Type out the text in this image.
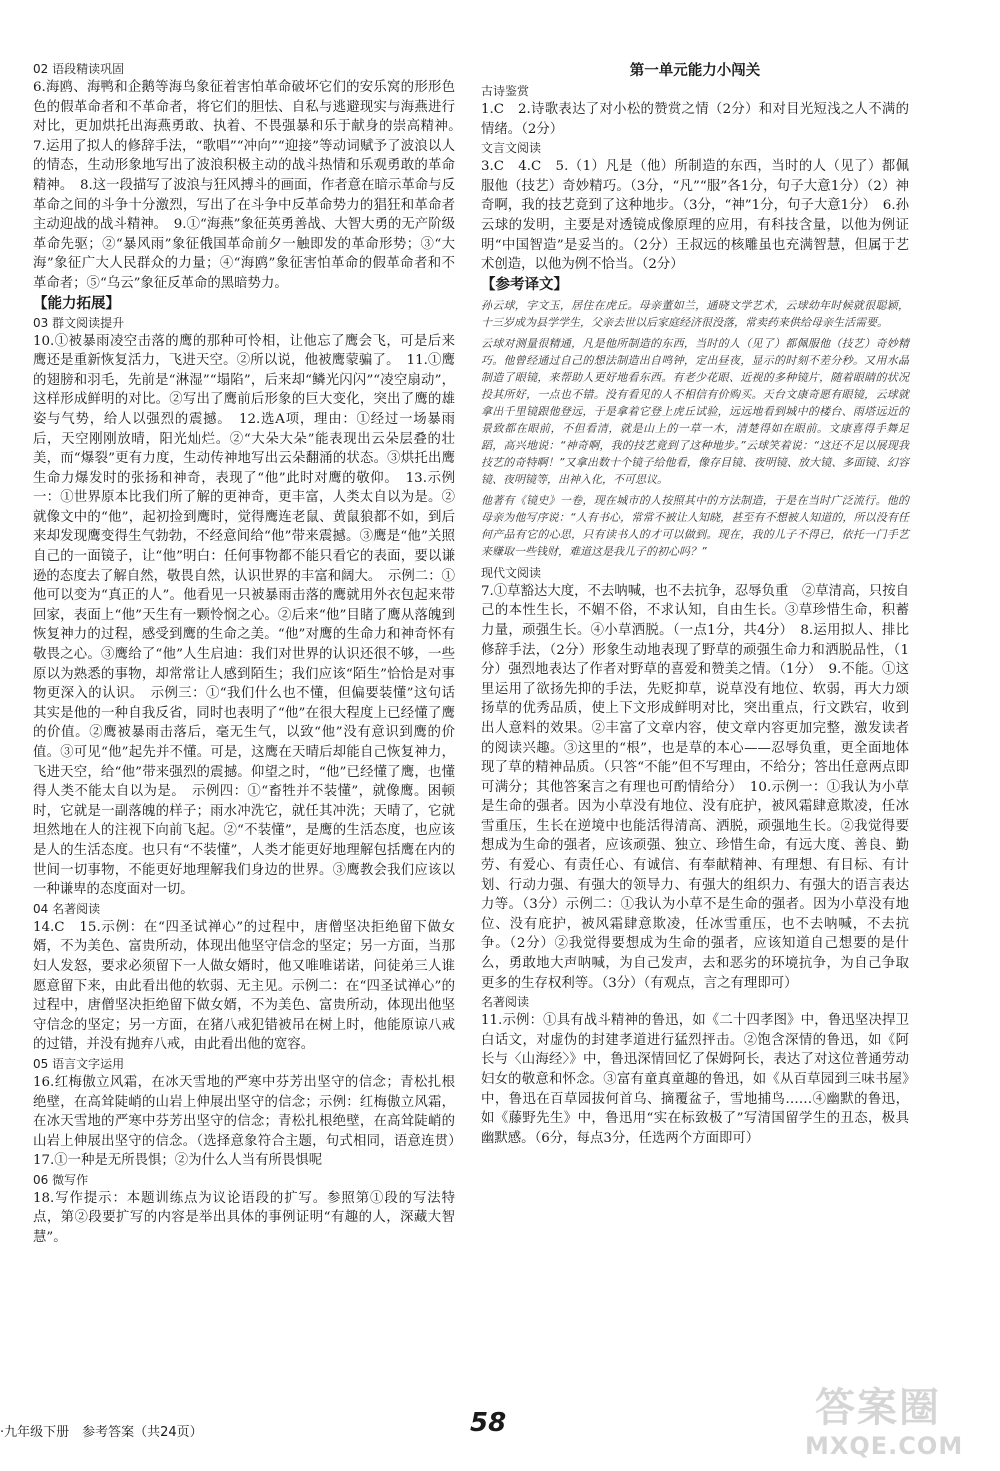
02 语段精读巩固

6.海鸥、海鸭和企鹅等海鸟象征着害怕革命破坏它们的安乐窝的形形色色的假革命者和不革命者，将它们的胆怯、自私与逃避现实与海燕进行对比，更加烘托出海燕勇敢、执着、不畏强暴和乐于献身的崇高精神。　7.运用了拟人的修辞手法，“歌唱”“冲向”“迎接”等动词赋予了波浪以人的情态，生动形象地写出了波浪积极主动的战斗热情和乐观勇敢的革命精神。　8.这一段描写了波浪与狂风搏斗的画面，作者意在暗示革命与反革命之间的斗争十分激烈，写出了在斗争中反革命势力的猖狂和革命者主动迎战的战斗精神。　9.①“海燕”象征英勇善战、大智大勇的无产阶级革命先驱；②“暴风雨”象征俄国革命前夕一触即发的革命形势；③“大海”象征广大人民群众的力量；④“海鸥”象征害怕革命的假革命者和不革命者；⑤“乌云”象征反革命的黑暗势力。

【能力拓展】
03 群文阅读提升

10.①被暴雨凌空击落的鹰的那种可怜相，让他忘了鹰会飞，可是后来鹰还是重新恢复活力，飞进天空。②所以说，他被鹰蒙骗了。　11.①鹰的翅膀和羽毛，先前是“淋湿”“塌陷”，后来却“鳞光闪闪”“凌空扇动”，这样形成鲜明的对比。②写出了鹰前后形象的巨大变化，突出了鹰的雄姿与气势，给人以强烈的震撼。　12.选A项，理由：①经过一场暴雨后，天空刚刚放晴，阳光灿烂。②“大朵大朵”能表现出云朵层叠的壮美，而“爆裂”更有力度，生动传神地写出云朵翻涌的状态。③烘托出鹰生命力爆发时的张扬和神奇，表现了“他”此时对鹰的敬仰。　13.示例一：①世界原本比我们所了解的更神奇，更丰富，人类太自以为是。②就像文中的“他”，起初捡到鹰时，觉得鹰连老鼠、黄鼠狼都不如，到后来却发现鹰变得生气勃勃，不经意间给“他”带来震撼。③鹰是“他”关照自己的一面镜子，让“他”明白：任何事物都不能只看它的表面，要以谦逊的态度去了解自然，敬畏自然，认识世界的丰富和阔大。　示例二：①他可以变为“真正的人”。他看见一只被暴雨击落的鹰就用外衣包起来带回家，表面上“他”天生有一颗怜悯之心。②后来“他”目睹了鹰从落魄到恢复神力的过程，感受到鹰的生命之美。“他”对鹰的生命力和神奇怀有敬畏之心。③鹰给了“他”人生启迪：我们对世界的认识还很不够，一些原以为熟悉的事物，却常常让人感到陌生；我们应该“陌生”恰恰是对事物更深入的认识。　示例三：①“我们什么也不懂，但偏要装懂”这句话其实是他的一种自我反省，同时也表明了“他”在很大程度上已经懂了鹰的价值。②鹰被暴雨击落后，毫无生气，以致“他”没有意识到鹰的价值。③可见“他”起先并不懂。可是，这鹰在天晴后却能自己恢复神力，飞进天空，给“他”带来强烈的震撼。仰望之时，“他”已经懂了鹰，也懂得人类不能太自以为是。　示例四：①“畜牲并不装懂”，就像鹰。困顿时，它就是一副落魄的样子；雨水冲洗它，就任其冲洗；天晴了，它就坦然地在人的注视下向前飞起。②“不装懂”，是鹰的生活态度，也应该是人的生活态度。也只有“不装懂”，人类才能更好地理解包括鹰在内的世间一切事物，不能更好地理解我们身边的世界。③鹰教会我们应该以一种谦卑的态度面对一切。

04 名著阅读

14.C　15.示例：在“四圣试禅心”的过程中，唐僧坚决拒绝留下做女婿，不为美色、富贵所动，体现出他坚守信念的坚定；另一方面，当那妇人发怒，要求必须留下一人做女婿时，他又唯唯诺诺，问徒弟三人谁愿意留下来，由此看出他的软弱、无主见。示例二：在“四圣试禅心”的过程中，唐僧坚决拒绝留下做女婿，不为美色、富贵所动，体现出他坚守信念的坚定；另一方面，在猪八戒犯错被吊在树上时，他能原谅八戒的过错，并没有抛弃八戒，由此看出他的宽容。

05 语言文字运用

16.红梅傲立风霜，在冰天雪地的严寒中芬芳出坚守的信念；青松扎根绝壁，在高耸陡峭的山岩上伸展出坚守的信念；示例：红梅傲立风霜，在冰天雪地的严寒中芬芳出坚守的信念；青松扎根绝壁，在高耸陡峭的山岩上伸展出坚守的信念。（选择意象符合主题，句式相同，语意连贯）　17.①一种是无所畏惧；②为什么人当有所畏惧呢

06 微写作

18.写作提示：本题训练点为议论语段的扩写。参照第①段的写法特点，第②段要扩写的内容是举出具体的事例证明“有趣的人，深藏大智慧”。

第一单元能力小闯关
古诗鉴赏

1.C　2.诗歌表达了对小松的赞赏之情（2分）和对目光短浅之人不满的情绪。（2分）

文言文阅读

3.C　4.C　5.（1）凡是（他）所制造的东西，当时的人（见了）都佩服他（技艺）奇妙精巧。（3分，“凡”“服”各1分，句子大意1分）（2）神奇啊，我的技艺竟到了这种地步。（3分，“神”1分，句子大意1分）　6.孙云球的发明，主要是对透镜成像原理的应用，有科技含量，以他为例证明“中国智造”是妥当的。（2分）王叔远的核雕虽也充满智慧，但属于艺术创造，以他为例不恰当。（2分）

【参考译文】

孙云球，字文玉，居住在虎丘。母亲董如兰，通晓文学艺术，云球幼年时候就很聪颖，十三岁成为县学学生，父亲去世以后家庭经济很没落，常卖药来供给母亲生活需要。

云球对测量很精通，凡是他所制造的东西，当时的人（见了）都佩服他（技艺）奇妙精巧。他曾经通过自己的想法制造出自鸣钟，定出昼夜，显示的时刻不差分秒。又用水晶制造了眼镜，来帮助人更好地看东西。有老少花眼、近视的多种镜片，随着眼睛的状况投其所好，一点也不错。没有看见的人不相信有价购买。天台文康奇愿有眼镜，云球就拿出千里镜跟他登远，于是拿着它登上虎丘试验，远远地看到城中的楼台、雨塔远近的景致都在眼前，不但看清，就是山上的一草一木，清楚得如在眼前。文康喜得手舞足蹈，高兴地说：“神奇啊，我的技艺竟到了这种地步。”云球笑着说：“这还不足以展现我技艺的奇特啊！”又拿出数十个镜子给他看，像存目镜、夜明镜、放大镜、多面镜、幻容镜、夜明镜等，出神入化，不可思议。

他著有《镜史》一卷，现在城市的人按照其中的方法制造，于是在当时广泛流行。他的母亲为他写序说：“人有书心，常常不被让人知晓，甚至有不想被人知道的，所以没有任何产品有它的心思，只有读书人的才可以做到。现在，我的儿子不得已，依托一门手艺来赚取一些钱财，难道这是我儿子的初心吗？”

现代文阅读

7.①草豁达大度，不去呐喊，也不去抗争，忍辱负重　②草清高，只按自己的本性生长，不媚不俗，不求认知，自由生长。③草珍惜生命，积蓄力量，顽强生长。④小草洒脱。（一点1分，共4分）　8.运用拟人、排比修辞手法，（2分）形象生动地表现了野草的顽强生命力和洒脱品性，（1分）强烈地表达了作者对野草的喜爱和赞美之情。（1分）　9.不能。①这里运用了欲扬先抑的手法，先贬抑草，说草没有地位、软弱，再大力颂扬草的优秀品质，使上下文形成鲜明对比，突出重点，行文跌宕，收到出人意料的效果。②丰富了文章内容，使文章内容更加完整，激发读者的阅读兴趣。③这里的“根”，也是草的本心——忍辱负重，更全面地体现了草的精神品质。（只答“不能”但不写理由，不给分；答出任意两点即可满分；其他答案言之有理也可酌情给分）　10.示例一：①我认为小草是生命的强者。因为小草没有地位、没有庇护，被风霜肆意欺凌，任冰雪重压，生长在逆境中也能活得清高、洒脱，顽强地生长。②我觉得要想成为生命的强者，应该顽强、独立、珍惜生命，有远大度、善良、勤劳、有爱心、有责任心、有诚信、有奉献精神、有理想、有目标、有计划、行动力强、有强大的领导力、有强大的组织力、有强大的语言表达力等。（3分）示例二：①我认为小草不是生命的强者。因为小草没有地位、没有庇护，被风霜肆意欺凌，任冰雪重压，也不去呐喊，不去抗争。（2分）②我觉得要想成为生命的强者，应该知道自己想要的是什么，勇敢地大声呐喊，为自己发声，去和恶劣的环境抗争，为自己争取更多的生存权利等。（3分）（有观点，言之有理即可）

名著阅读

11.示例：①具有战斗精神的鲁迅，如《二十四孝图》中，鲁迅坚决捍卫白话文，对虚伪的封建孝道进行猛烈抨击。②饱含深情的鲁迅，如《阿长与〈山海经〉》中，鲁迅深情回忆了保姆阿长，表达了对这位普通劳动妇女的敬意和怀念。③富有童真童趣的鲁迅，如《从百草园到三味书屋》中，鲁迅在百草园拔何首乌、摘覆盆子，雪地捕鸟……④幽默的鲁迅，如《藤野先生》中，鲁迅用“实在标致极了”写清国留学生的丑态，极具幽默感。（6分，每点3分，任选两个方面即可）

·九年级下册　参考答案（共24页）	58	答案圈
MXQE.COM
